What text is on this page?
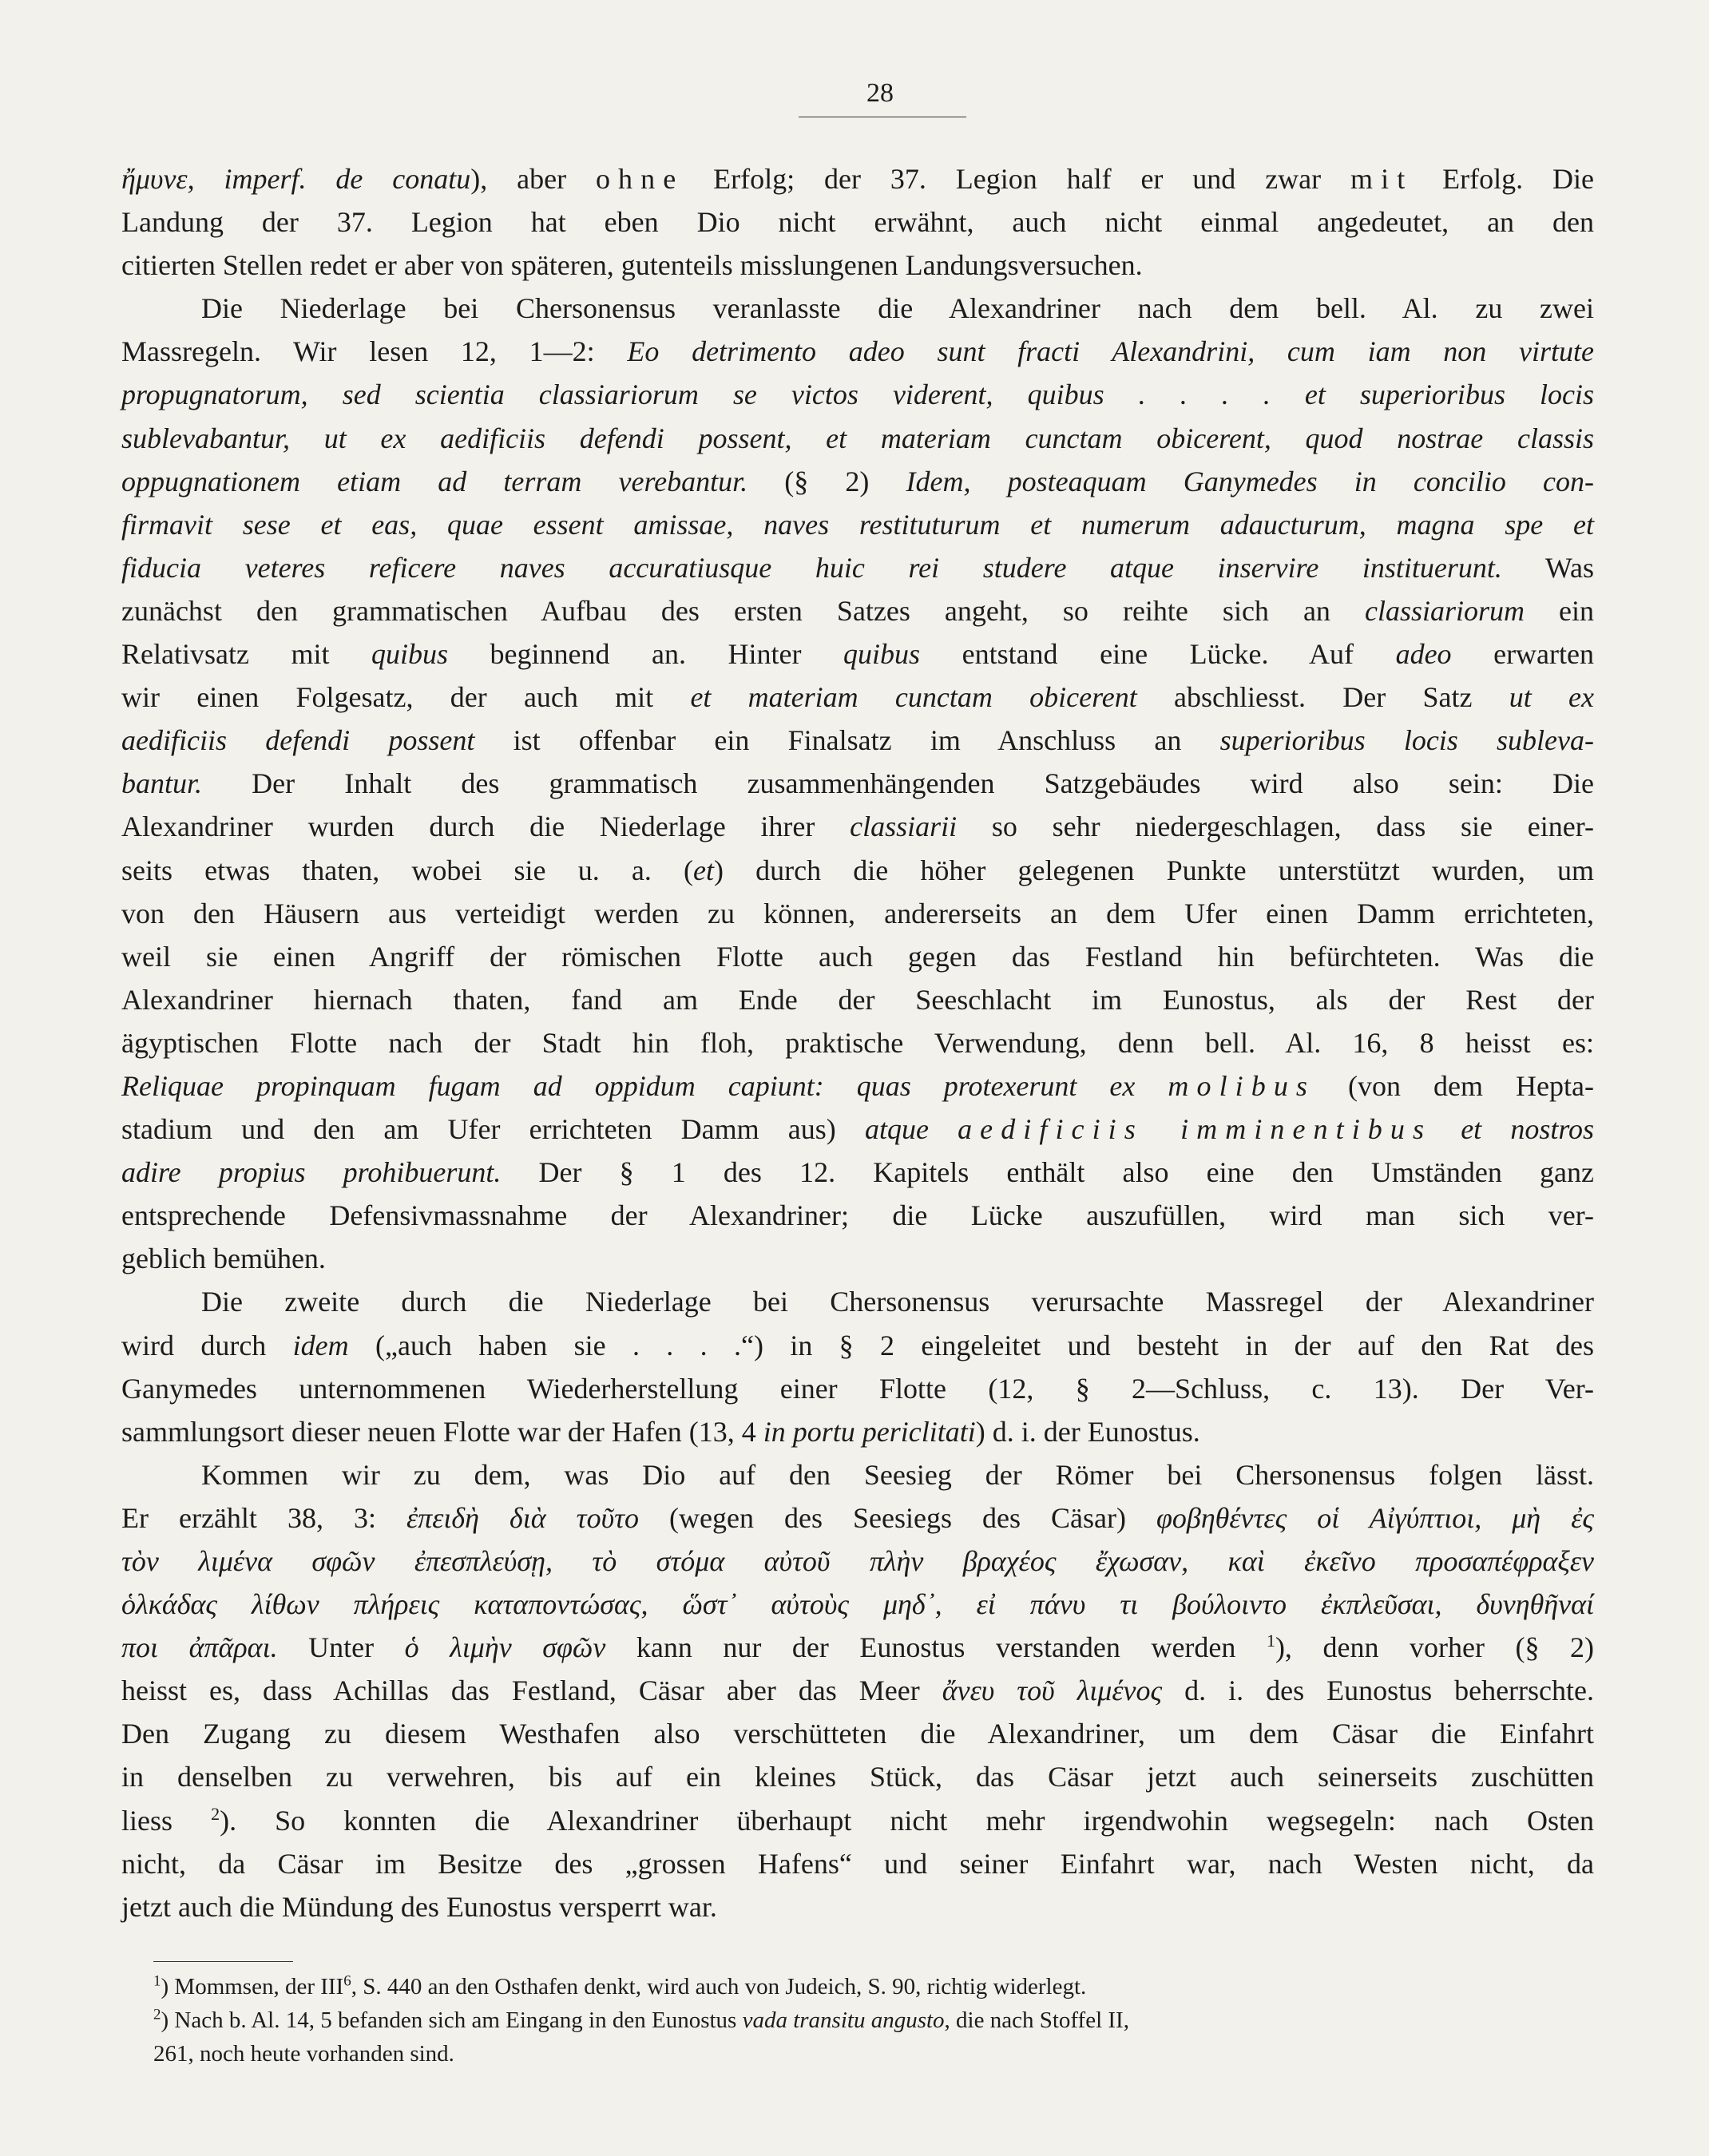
28
ἤμυνε, imperf. de conatu), aber ohne Erfolg; der 37. Legion half er und zwar mit Erfolg. Die
Landung der 37. Legion hat eben Dio nicht erwähnt, auch nicht einmal angedeutet, an den
citierten Stellen redet er aber von späteren, gutenteils misslungenen Landungsversuchen.
Die Niederlage bei Chersonensus veranlasste die Alexandriner nach dem bell. Al. zu zwei
Massregeln. Wir lesen 12, 1—2: Eo detrimento adeo sunt fracti Alexandrini, cum iam non virtute
propugnatorum, sed scientia classiariorum se victos viderent, quibus . . . . et superioribus locis
sublevabantur, ut ex aedificiis defendi possent, et materiam cunctam obicerent, quod nostrae classis
oppugnationem etiam ad terram verebantur. (§ 2) Idem, posteaquam Ganymedes in concilio con-
firmavit sese et eas, quae essent amissae, naves restituturum et numerum adaucturum, magna spe et
fiducia veteres reficere naves accuratiusque huic rei studere atque inservire instituerunt. Was
zunächst den grammatischen Aufbau des ersten Satzes angeht, so reihte sich an classiariorum ein
Relativsatz mit quibus beginnend an. Hinter quibus entstand eine Lücke. Auf adeo erwarten
wir einen Folgesatz, der auch mit et materiam cunctam obicerent abschliesst. Der Satz ut ex
aedificiis defendi possent ist offenbar ein Finalsatz im Anschluss an superioribus locis subleva-
bantur. Der Inhalt des grammatisch zusammenhängenden Satzgebäudes wird also sein: Die
Alexandriner wurden durch die Niederlage ihrer classiarii so sehr niedergeschlagen, dass sie einer-
seits etwas thaten, wobei sie u. a. (et) durch die höher gelegenen Punkte unterstützt wurden, um
von den Häusern aus verteidigt werden zu können, andererseits an dem Ufer einen Damm errichteten,
weil sie einen Angriff der römischen Flotte auch gegen das Festland hin befürchteten. Was die
Alexandriner hiernach thaten, fand am Ende der Seeschlacht im Eunostus, als der Rest der
ägyptischen Flotte nach der Stadt hin floh, praktische Verwendung, denn bell. Al. 16, 8 heisst es:
Reliquae propinquam fugam ad oppidum capiunt: quas protexerunt ex molibus (von dem Hepta-
stadium und den am Ufer errichteten Damm aus) atque aedificiis imminentibus et nostros
adire propius prohibuerunt. Der § 1 des 12. Kapitels enthält also eine den Umständen ganz
entsprechende Defensivmassnahme der Alexandriner; die Lücke auszufüllen, wird man sich ver-
geblich bemühen.
Die zweite durch die Niederlage bei Chersonensus verursachte Massregel der Alexandriner
wird durch idem („auch haben sie . . . .“) in § 2 eingeleitet und besteht in der auf den Rat des
Ganymedes unternommenen Wiederherstellung einer Flotte (12, § 2—Schluss, c. 13). Der Ver-
sammlungsort dieser neuen Flotte war der Hafen (13, 4 in portu periclitati) d. i. der Eunostus.
Kommen wir zu dem, was Dio auf den Seesieg der Römer bei Chersonensus folgen lässt.
Er erzählt 38, 3: ἐπειδὴ διὰ τοῦτο (wegen des Seesiegs des Cäsar) φοβηθέντες οἱ Αἰγύπτιοι, μὴ ἐς
τὸν λιμένα σφῶν ἐπεσπλεύσῃ, τὸ στόμα αὐτοῦ πλὴν βραχέος ἔχωσαν, καὶ ἐκεῖνο προσαπέφραξεν
ὁλκάδας λίθων πλήρεις καταποντώσας, ὥστ᾽ αὐτοὺς μηδ᾽, εἰ πάνυ τι βούλοιντο ἐκπλεῦσαι, δυνηθῆναί
ποι ἀπᾶραι. Unter ὁ λιμὴν σφῶν kann nur der Eunostus verstanden werden $^1$), denn vorher (§ 2)
heisst es, dass Achillas das Festland, Cäsar aber das Meer ἄνευ τοῦ λιμένος d. i. des Eunostus beherrschte.
Den Zugang zu diesem Westhafen also verschütteten die Alexandriner, um dem Cäsar die Einfahrt
in denselben zu verwehren, bis auf ein kleines Stück, das Cäsar jetzt auch seinerseits zuschütten
liess $^2$). So konnten die Alexandriner überhaupt nicht mehr irgendwohin wegsegeln: nach Osten
nicht, da Cäsar im Besitze des „grossen Hafens“ und seiner Einfahrt war, nach Westen nicht, da
jetzt auch die Mündung des Eunostus versperrt war.
$^1$) Mommsen, der III$^6$, S. 440 an den Osthafen denkt, wird auch von Judeich, S. 90, richtig widerlegt.
$^2$) Nach b. Al. 14, 5 befanden sich am Eingang in den Eunostus vada transitu angusto, die nach Stoffel II,
261, noch heute vorhanden sind.
